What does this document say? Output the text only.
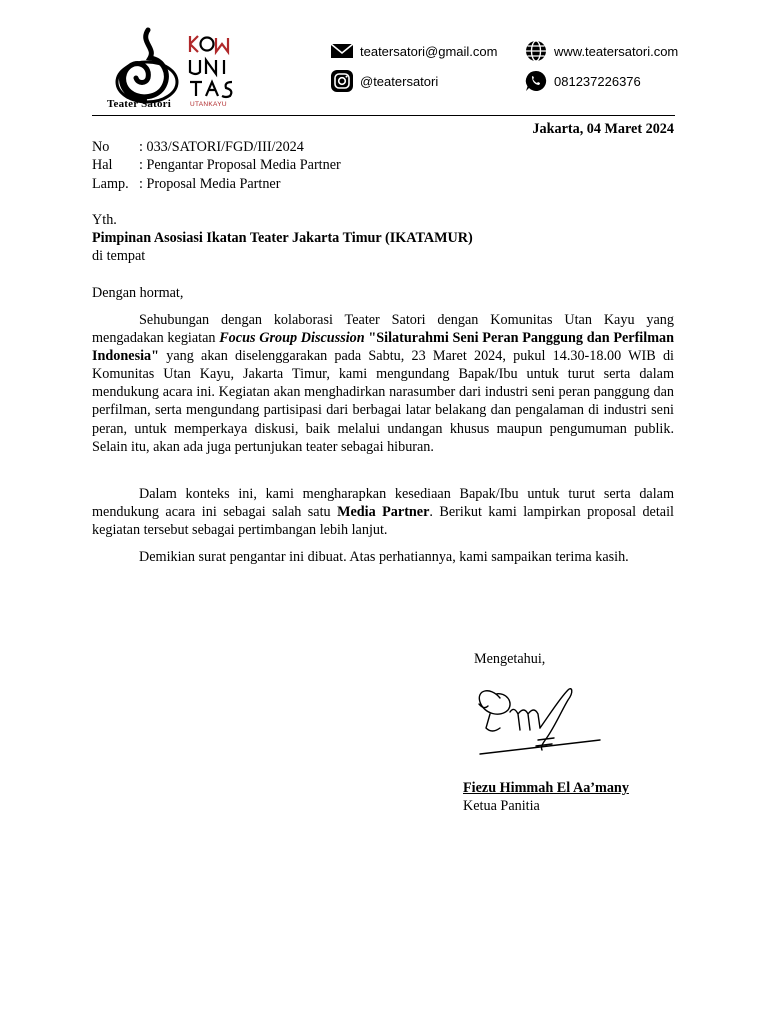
Teater Satori	UTANKAYU
teatersatori@gmail.com
@teatersatori
www.teatersatori.com
081237226376
Jakarta, 04 Maret 2024
No	: 033/SATORI/FGD/III/2024
Hal	: Pengantar Proposal Media Partner
Lamp. : Proposal Media Partner
Yth.
Pimpinan Asosiasi Ikatan Teater Jakarta Timur (IKATAMUR)
di tempat
Dengan hormat,

Sehubungan dengan kolaborasi Teater Satori dengan Komunitas Utan Kayu yang mengadakan kegiatan Focus Group Discussion "Silaturahmi Seni Peran Panggung dan Perfilman Indonesia" yang akan diselenggarakan pada Sabtu, 23 Maret 2024, pukul 14.30-18.00 WIB di Komunitas Utan Kayu, Jakarta Timur, kami mengundang Bapak/Ibu untuk turut serta dalam mendukung acara ini. Kegiatan akan menghadirkan narasumber dari industri seni peran panggung dan perfilman, serta mengundang partisipasi dari berbagai latar belakang dan pengalaman di industri seni peran, untuk memperkaya diskusi, baik melalui undangan khusus maupun pengumuman publik. Selain itu, akan ada juga pertunjukan teater sebagai hiburan.

Dalam konteks ini, kami mengharapkan kesediaan Bapak/Ibu untuk turut serta dalam mendukung acara ini sebagai salah satu Media Partner. Berikut kami lampirkan proposal detail kegiatan tersebut sebagai pertimbangan lebih lanjut.

Demikian surat pengantar ini dibuat. Atas perhatiannya, kami sampaikan terima kasih.

Mengetahui,
Fiezu Himmah El Aa’many
Ketua Panitia
